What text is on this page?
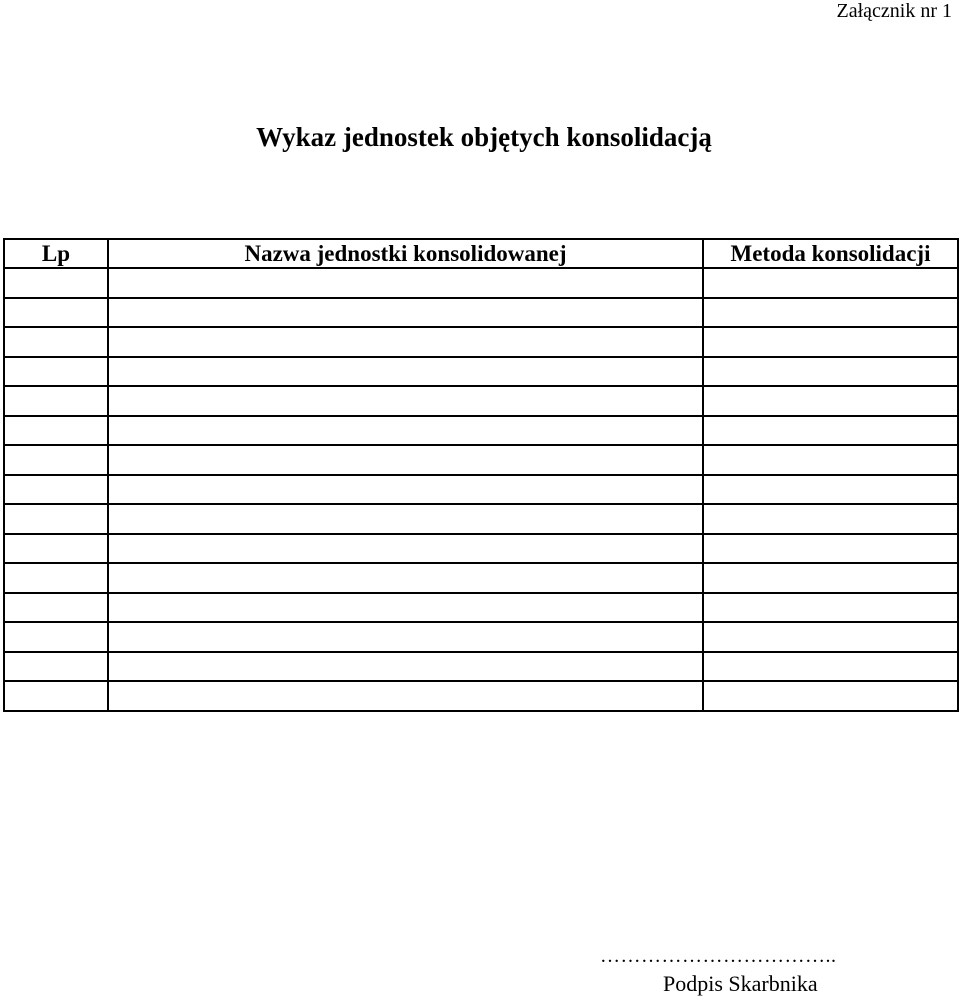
Załącznik nr 1
Wykaz jednostek objętych konsolidacją
Lp	Nazwa jednostki konsolidowanej	Metoda konsolidacji

……………………………..
Podpis Skarbnika
